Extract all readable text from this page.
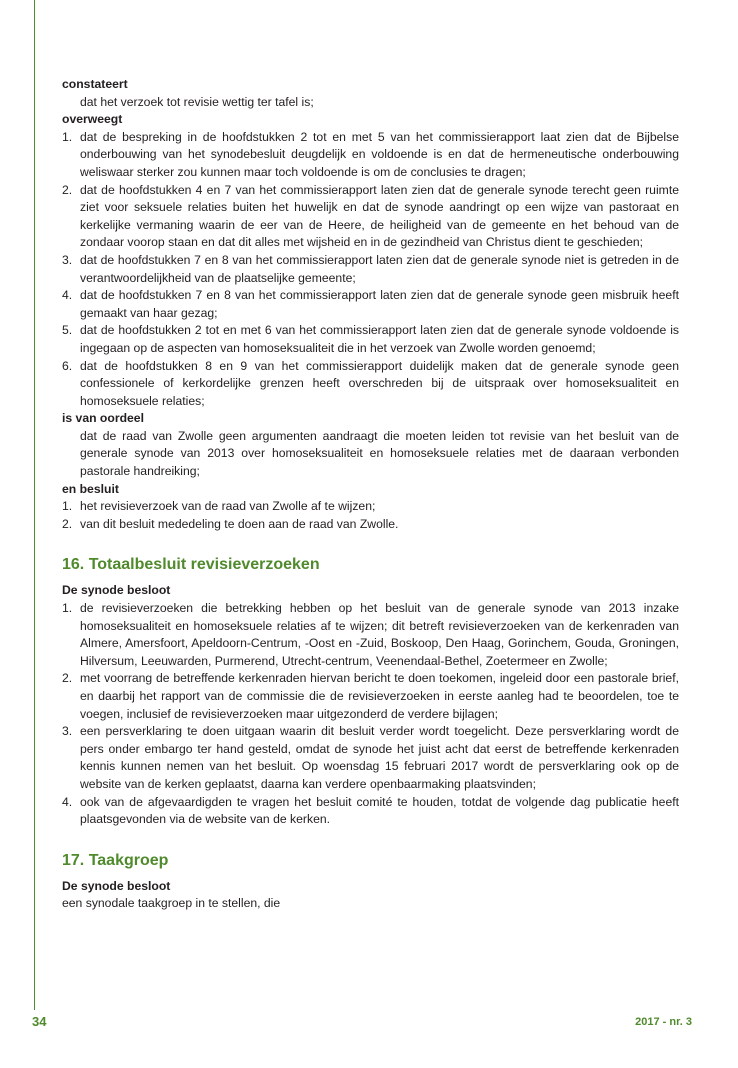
constateert
dat het verzoek tot revisie wettig ter tafel is;
overweegt
1. dat de bespreking in de hoofdstukken 2 tot en met 5 van het commissierapport laat zien dat de Bijbelse onderbouwing van het synodebesluit deugdelijk en voldoende is en dat de hermeneutische onderbouwing weliswaar sterker zou kunnen maar toch voldoende is om de conclusies te dragen;
2. dat de hoofdstukken 4 en 7 van het commissierapport laten zien dat de generale synode terecht geen ruimte ziet voor seksuele relaties buiten het huwelijk en dat de synode aandringt op een wijze van pastoraat en kerkelijke vermaning waarin de eer van de Heere, de heiligheid van de gemeente en het behoud van de zondaar voorop staan en dat dit alles met wijsheid en in de gezindheid van Christus dient te geschieden;
3. dat de hoofdstukken 7 en 8 van het commissierapport laten zien dat de generale synode niet is getreden in de verantwoordelijkheid van de plaatselijke gemeente;
4. dat de hoofdstukken 7 en 8 van het commissierapport laten zien dat de generale synode geen misbruik heeft gemaakt van haar gezag;
5. dat de hoofdstukken 2 tot en met 6 van het commissierapport laten zien dat de generale synode voldoende is ingegaan op de aspecten van homoseksualiteit die in het verzoek van Zwolle worden genoemd;
6. dat de hoofdstukken 8 en 9 van het commissierapport duidelijk maken dat de generale synode geen confessionele of kerkordelijke grenzen heeft overschreden bij de uitspraak over homoseksualiteit en homoseksuele relaties;
is van oordeel
dat de raad van Zwolle geen argumenten aandraagt die moeten leiden tot revisie van het besluit van de generale synode van 2013 over homoseksualiteit en homoseksuele relaties met de daaraan verbonden pastorale handreiking;
en besluit
1. het revisieverzoek van de raad van Zwolle af te wijzen;
2. van dit besluit mededeling te doen aan de raad van Zwolle.
16. Totaalbesluit revisieverzoeken
De synode besloot
1. de revisieverzoeken die betrekking hebben op het besluit van de generale synode van 2013 inzake homoseksualiteit en homoseksuele relaties af te wijzen; dit betreft revisieverzoeken van de kerkenraden van Almere, Amersfoort, Apeldoorn-Centrum, -Oost en -Zuid, Boskoop, Den Haag, Gorinchem, Gouda, Groningen, Hilversum, Leeuwarden, Purmerend, Utrecht-centrum, Veenendaal-Bethel, Zoetermeer en Zwolle;
2. met voorrang de betreffende kerkenraden hiervan bericht te doen toekomen, ingeleid door een pastorale brief, en daarbij het rapport van de commissie die de revisieverzoeken in eerste aanleg had te beoordelen, toe te voegen, inclusief de revisieverzoeken maar uitgezonderd de verdere bijlagen;
3. een persverklaring te doen uitgaan waarin dit besluit verder wordt toegelicht. Deze persverklaring wordt de pers onder embargo ter hand gesteld, omdat de synode het juist acht dat eerst de betreffende kerkenraden kennis kunnen nemen van het besluit. Op woensdag 15 februari 2017 wordt de persverklaring ook op de website van de kerken geplaatst, daarna kan verdere openbaarmaking plaatsvinden;
4. ook van de afgevaardigden te vragen het besluit comité te houden, totdat de volgende dag publicatie heeft plaatsgevonden via de website van de kerken.
17. Taakgroep
De synode besloot
een synodale taakgroep in te stellen, die
34	2017 - nr. 3
